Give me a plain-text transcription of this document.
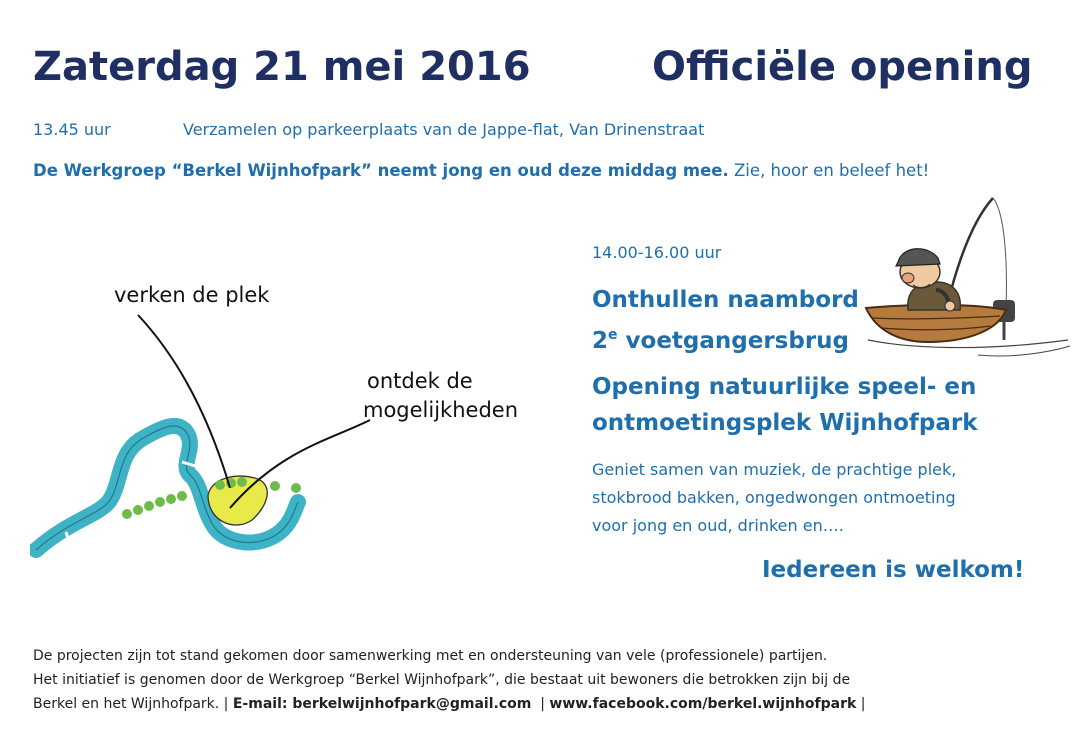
Zaterdag 21 mei 2016	Officiële opening
13.45 uur	Verzamelen op parkeerplaats van de Jappe-flat, Van Drinenstraat
De Werkgroep “Berkel Wijnhofpark” neemt jong en oud deze middag mee. Zie, hoor en beleef het!
verken de plek
ontdek de
mogelijkheden
14.00-16.00 uur
Onthullen naambord
2e voetgangersbrug
Opening natuurlijke speel- en
ontmoetingsplek Wijnhofpark
Geniet samen van muziek, de prachtige plek,
stokbrood bakken, ongedwongen ontmoeting
voor jong en oud, drinken en….
Iedereen is welkom!
De projecten zijn tot stand gekomen door samenwerking met en ondersteuning van vele (professionele) partijen.
Het initiatief is genomen door de Werkgroep “Berkel Wijnhofpark”, die bestaat uit bewoners die betrokken zijn bij de
Berkel en het Wijnhofpark. | E-mail: berkelwijnhofpark@gmail.com  | www.facebook.com/berkel.wijnhofpark |
